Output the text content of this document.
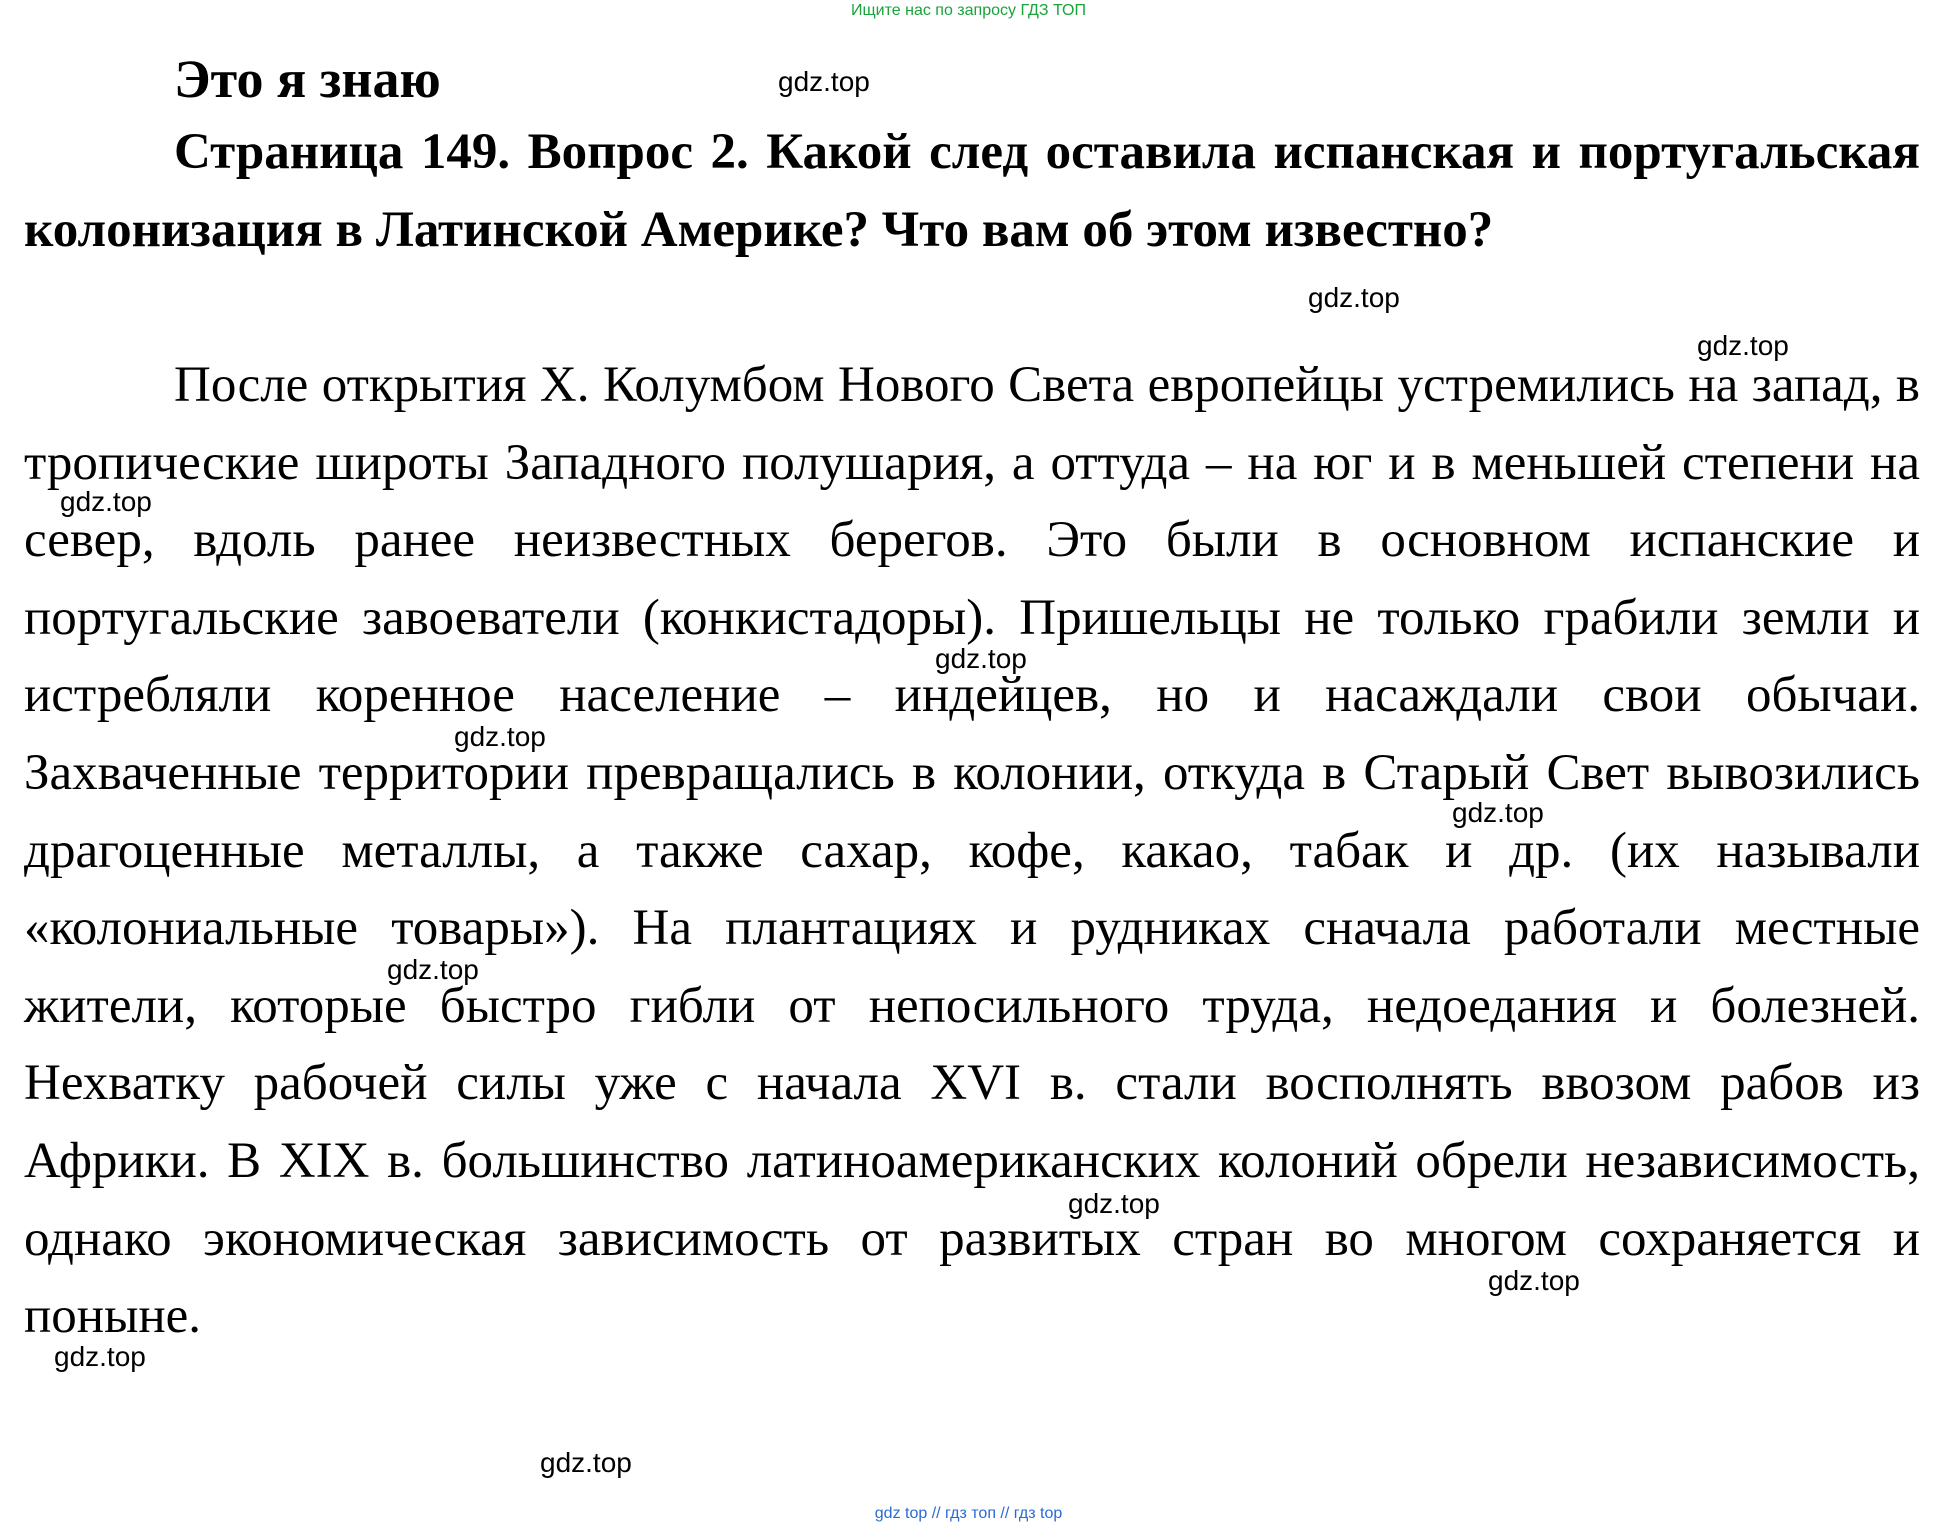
Ищите нас по запросу ГДЗ ТОП
Это я знаю

Страница 149. Вопрос 2. Какой след оставила испанская и португальская колонизация в Латинской Америке? Что вам об этом известно?

После открытия X. Колумбом Нового Света европейцы устремились на запад, в тропические широты Западного полушария, а оттуда – на юг и в меньшей степени на север, вдоль ранее неизвестных берегов. Это были в основном испанские и португальские завоеватели (конкистадоры). Пришельцы не только грабили земли и истребляли коренное население – индейцев, но и насаждали свои обычаи. Захваченные территории превращались в колонии, откуда в Старый Свет вывозились драгоценные металлы, а также сахар, кофе, какао, табак и др. (их называли «колониальные товары»). На плантациях и рудниках сначала работали местные жители, которые быстро гибли от непосильного труда, недоедания и болезней. Нехватку рабочей силы уже с начала XVI в. стали восполнять ввозом рабов из Африки. В XIX в. большинство латиноамериканских колоний обрели независимость, однако экономическая зависимость от развитых стран во многом сохраняется и поныне.

gdz.top
gdz.top
gdz.top
gdz.top
gdz.top
gdz.top
gdz.top
gdz.top
gdz.top
gdz.top
gdz.top
gdz.top
gdz top // гдз топ // гдз top
